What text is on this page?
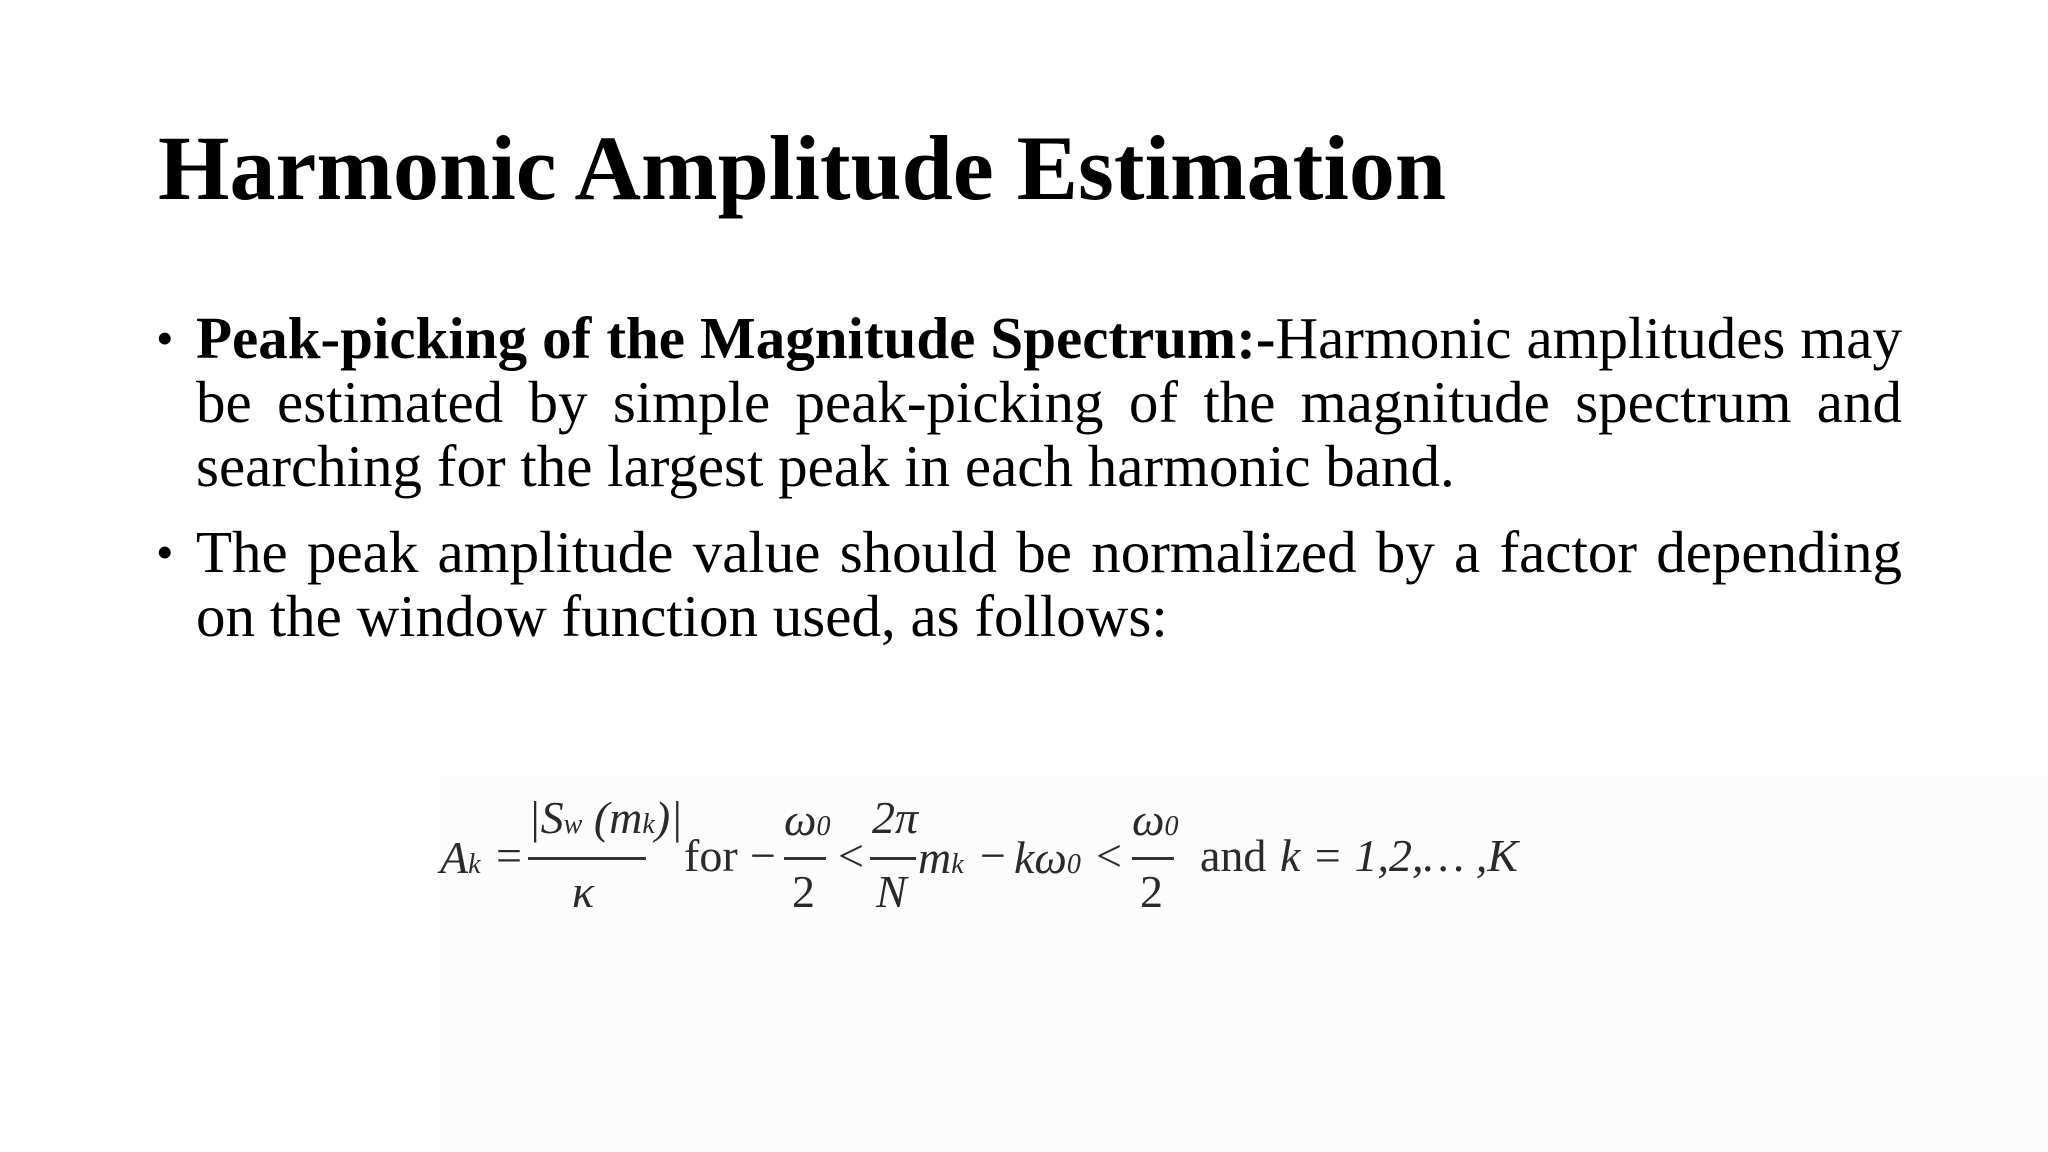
Harmonic Amplitude Estimation
• Peak-picking of the Magnitude Spectrum:-Harmonic amplitudes may be estimated by simple peak-picking of the magnitude spectrum and searching for the largest peak in each harmonic band.
• The peak amplitude value should be normalized by a factor depending on the window function used, as follows:
Ak =
|Sw (mk)|
κ
for −
ω0
2
<
2π
N
mk − kω0 <
ω0
2
and k = 1,2,… ,K
